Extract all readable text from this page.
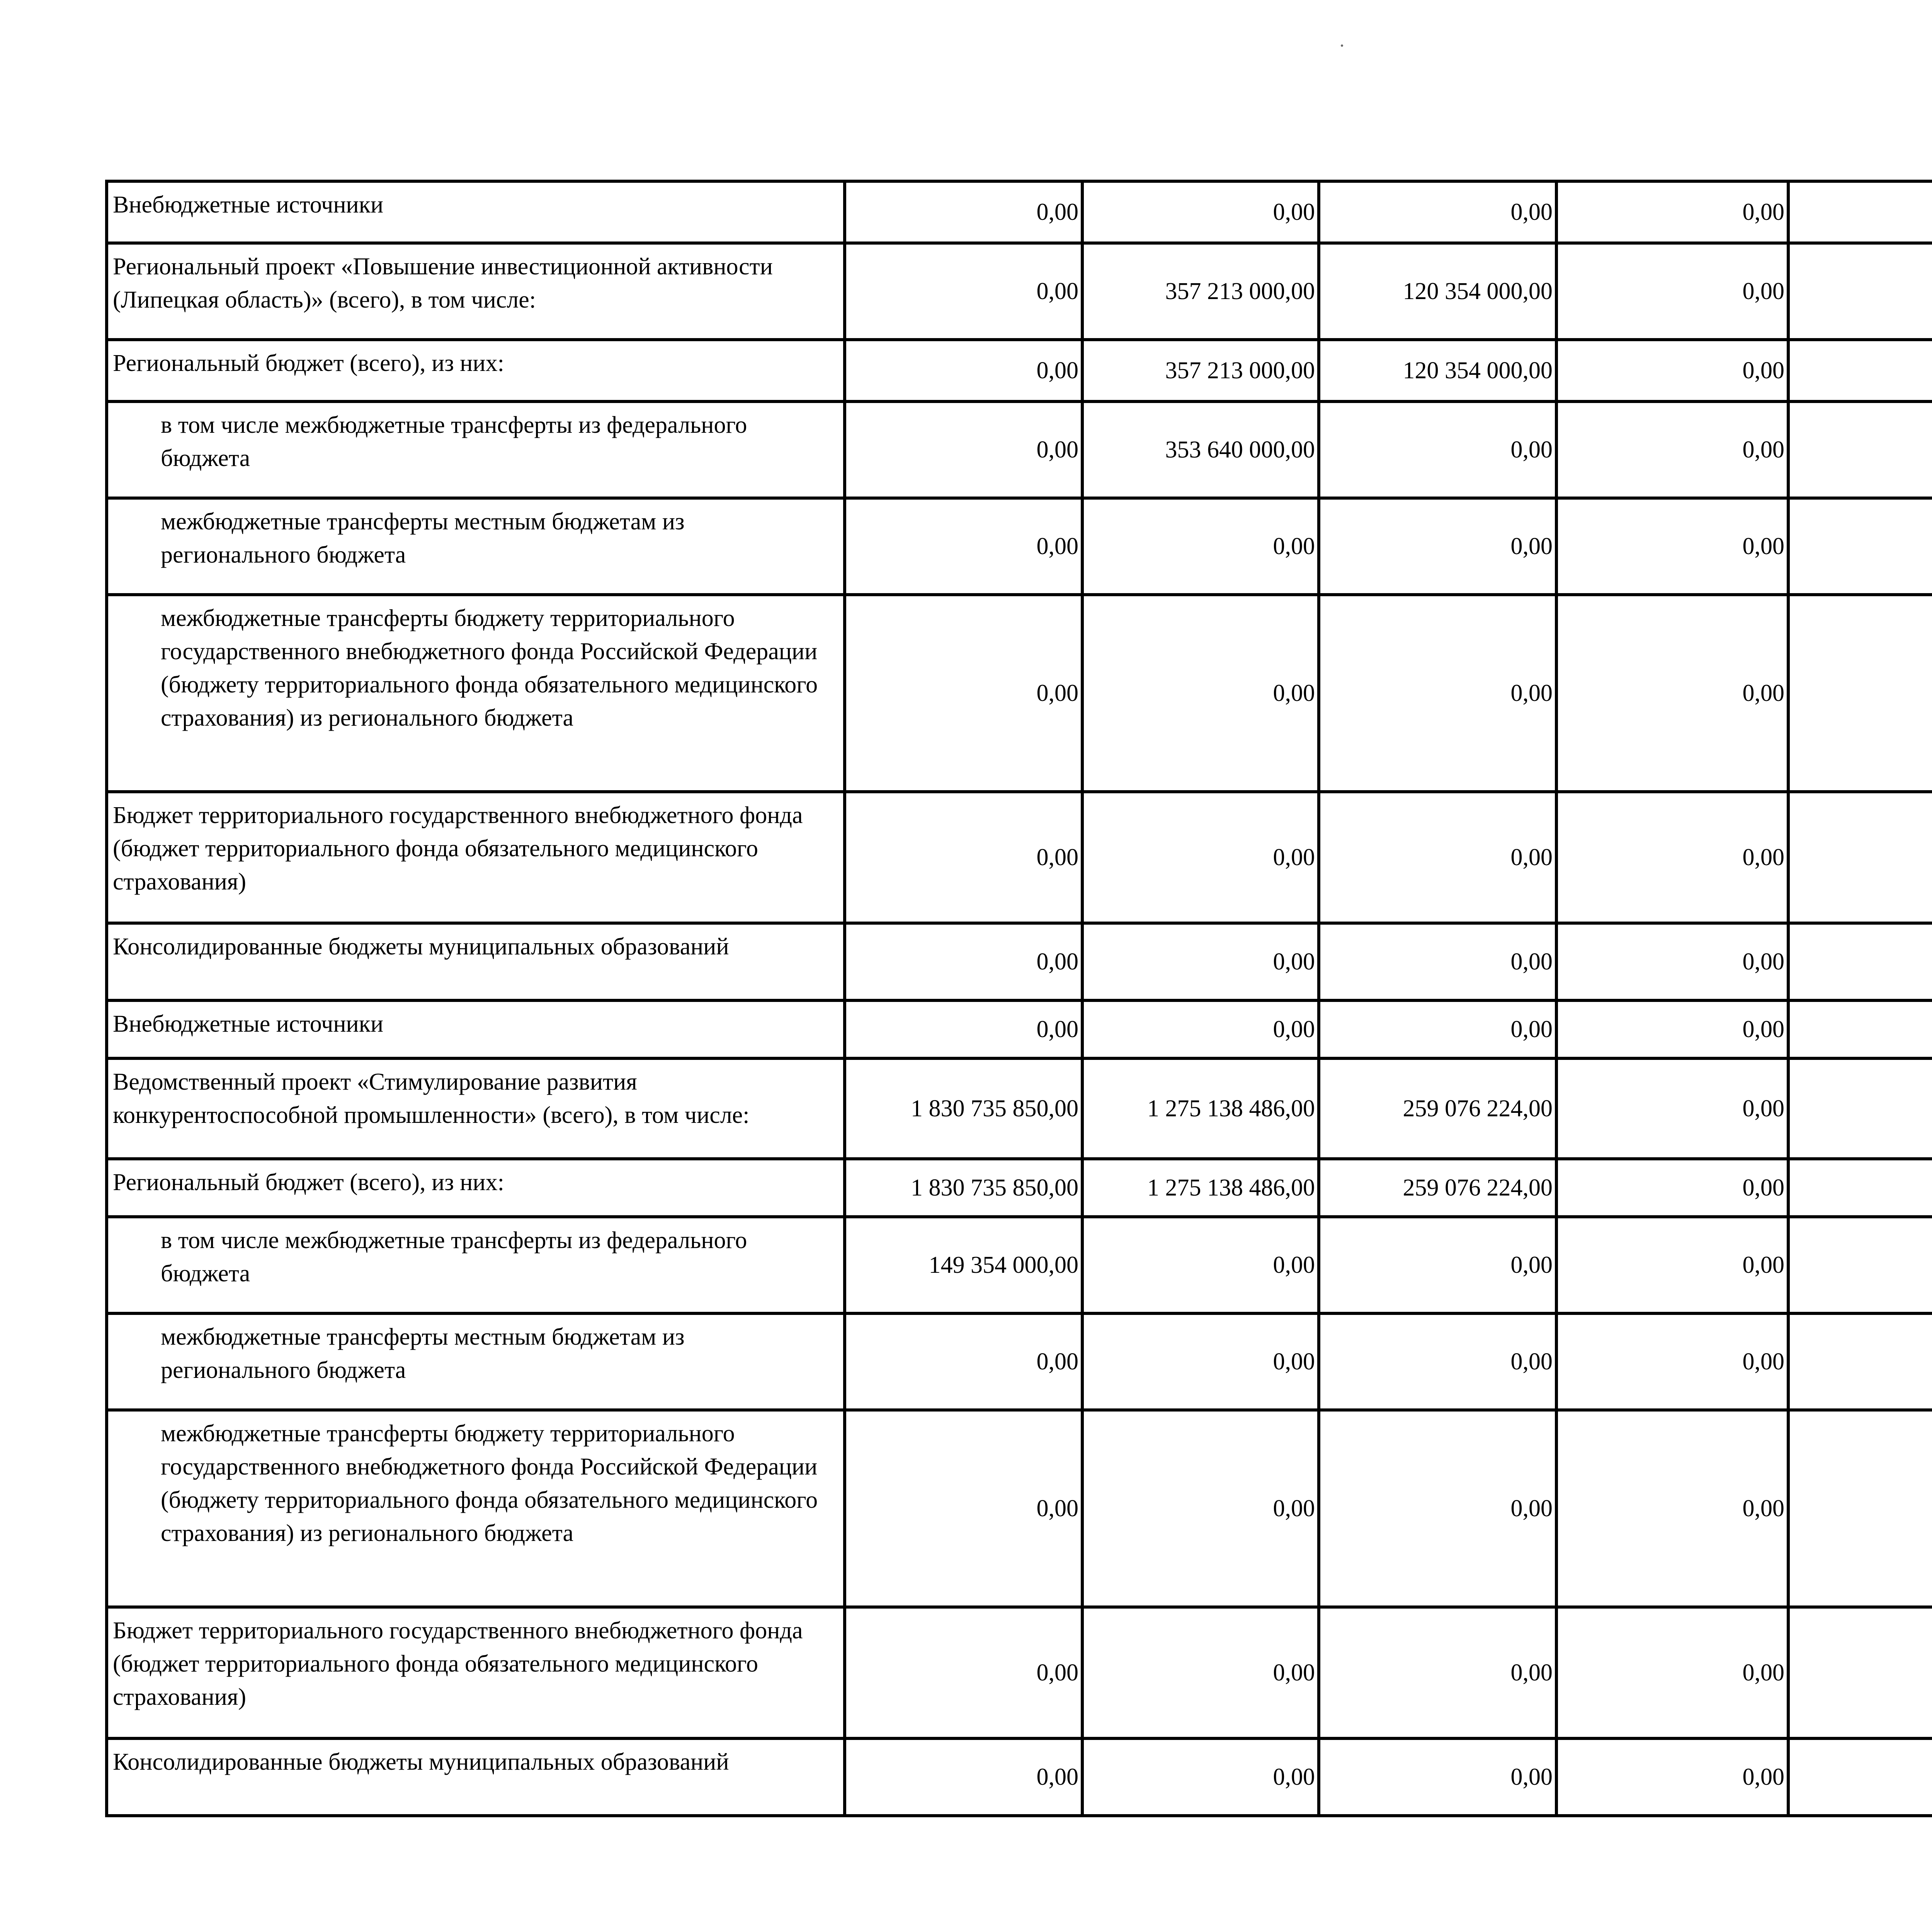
Внебюджетные источники	0,00	0,00	0,00	0,00				
Региональный проект «Повышение инвестиционной активности (Липецкая область)» (всего), в том числе:	0,00	357 213 000,00	120 354 000,00	0,00				
Региональный бюджет (всего), из них:	0,00	357 213 000,00	120 354 000,00	0,00				
в том числе межбюджетные трансферты из федерального бюджета	0,00	353 640 000,00	0,00	0,00				
межбюджетные трансферты местным бюджетам из регионального бюджета	0,00	0,00	0,00	0,00				
межбюджетные трансферты бюджету территориального государственного внебюджетного фонда Российской Федерации (бюджету территориального фонда обязательного медицинского страхования) из регионального бюджета	0,00	0,00	0,00	0,00				
Бюджет территориального государственного внебюджетного фонда (бюджет территориального фонда обязательного медицинского страхования)	0,00	0,00	0,00	0,00				
Консолидированные бюджеты муниципальных образований	0,00	0,00	0,00	0,00				
Внебюджетные источники	0,00	0,00	0,00	0,00				
Ведомственный проект «Стимулирование развития конкурентоспособной промышленности» (всего), в том числе:	1 830 735 850,00	1 275 138 486,00	259 076 224,00	0,00				
Региональный бюджет (всего), из них:	1 830 735 850,00	1 275 138 486,00	259 076 224,00	0,00				
в том числе межбюджетные трансферты из федерального бюджета	149 354 000,00	0,00	0,00	0,00				
межбюджетные трансферты местным бюджетам из регионального бюджета	0,00	0,00	0,00	0,00				
межбюджетные трансферты бюджету территориального государственного внебюджетного фонда Российской Федерации (бюджету территориального фонда обязательного медицинского страхования) из регионального бюджета	0,00	0,00	0,00	0,00				
Бюджет территориального государственного внебюджетного фонда (бюджет территориального фонда обязательного медицинского страхования)	0,00	0,00	0,00	0,00				
Консолидированные бюджеты муниципальных образований	0,00	0,00	0,00	0,00				
